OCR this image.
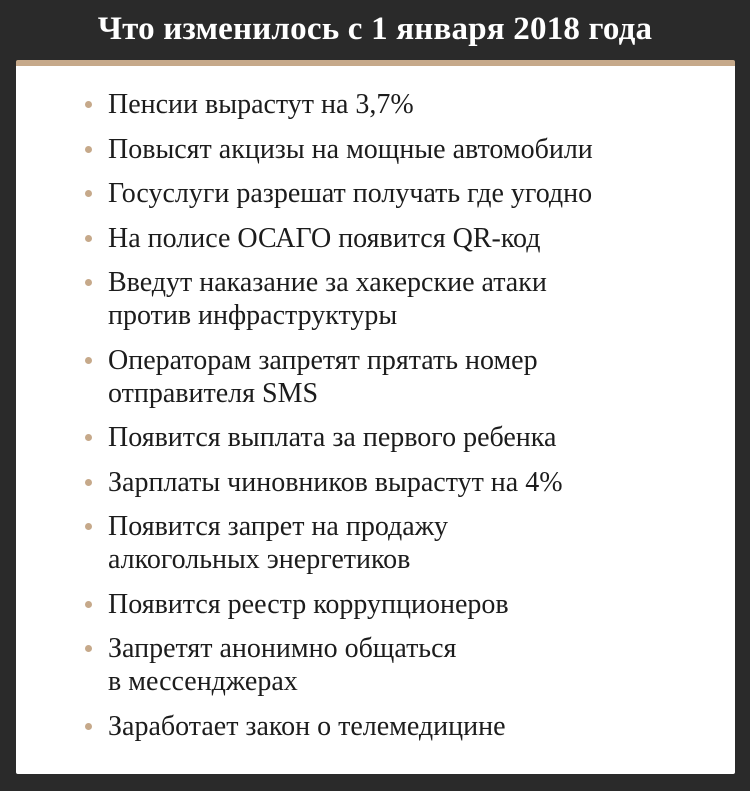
Что изменилось с 1 января 2018 года
Пенсии вырастут на 3,7%
Повысят акцизы на мощные автомобили
Госуслуги разрешат получать где угодно
На полисе ОСАГО появится QR-код
Введут наказание за хакерские атаки
против инфраструктуры
Операторам запретят прятать номер
отправителя SMS
Появится выплата за первого ребенка
Зарплаты чиновников вырастут на 4%
Появится запрет на продажу
алкогольных энергетиков
Появится реестр коррупционеров
Запретят анонимно общаться
в мессенджерах
Заработает закон о телемедицине
